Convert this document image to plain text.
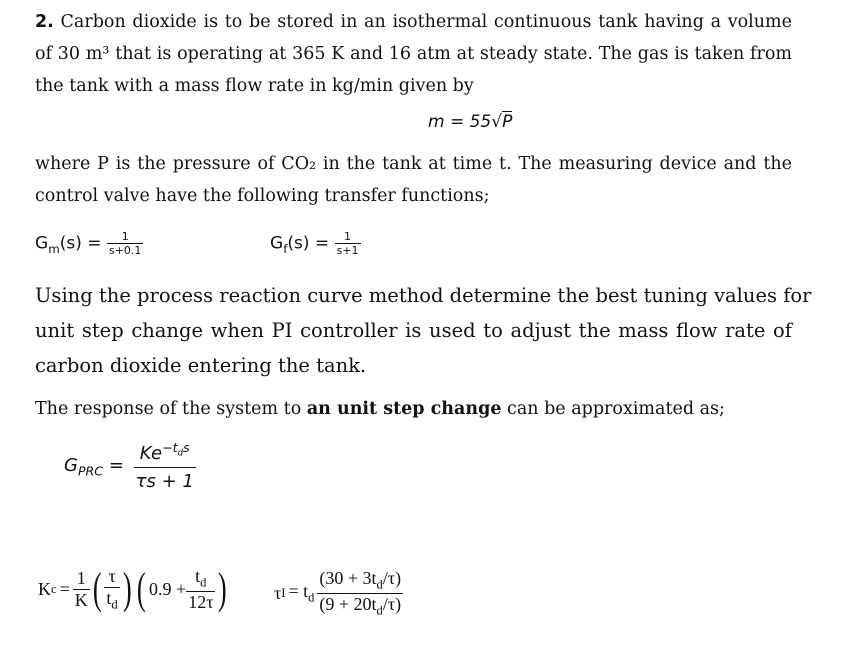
2. Carbon dioxide is to be stored in an isothermal continuous tank having a volume
of 30 m³ that is operating at 365 K and 16 atm at steady state. The gas is taken from
the tank with a mass flow rate in kg/min given by
m = 55√P
where P is the pressure of CO₂ in the tank at time t. The measuring device and the
control valve have the following transfer functions;
$G_m(s) = \frac{1}{s+0.1}$	$G_f(s) = \frac{1}{s+1}$
Using the process reaction curve method determine the best tuning values for
unit step change when PI controller is used to adjust the mass flow rate of
carbon dioxide entering the tank.
The response of the system to an unit step change can be approximated as;
$G_{PRC} = \frac{Ke^{-t_ds}}{\tau s + 1}$
K $c = \frac{1}{K}$ ( $\frac{\tau}{t_d}$ ) ( $0.9 + \frac{t_d}{12\tau}$ )	τ $I = t_d \frac{(30 + 3t_d/\tau)}{(9 + 20t_d/\tau)}$
